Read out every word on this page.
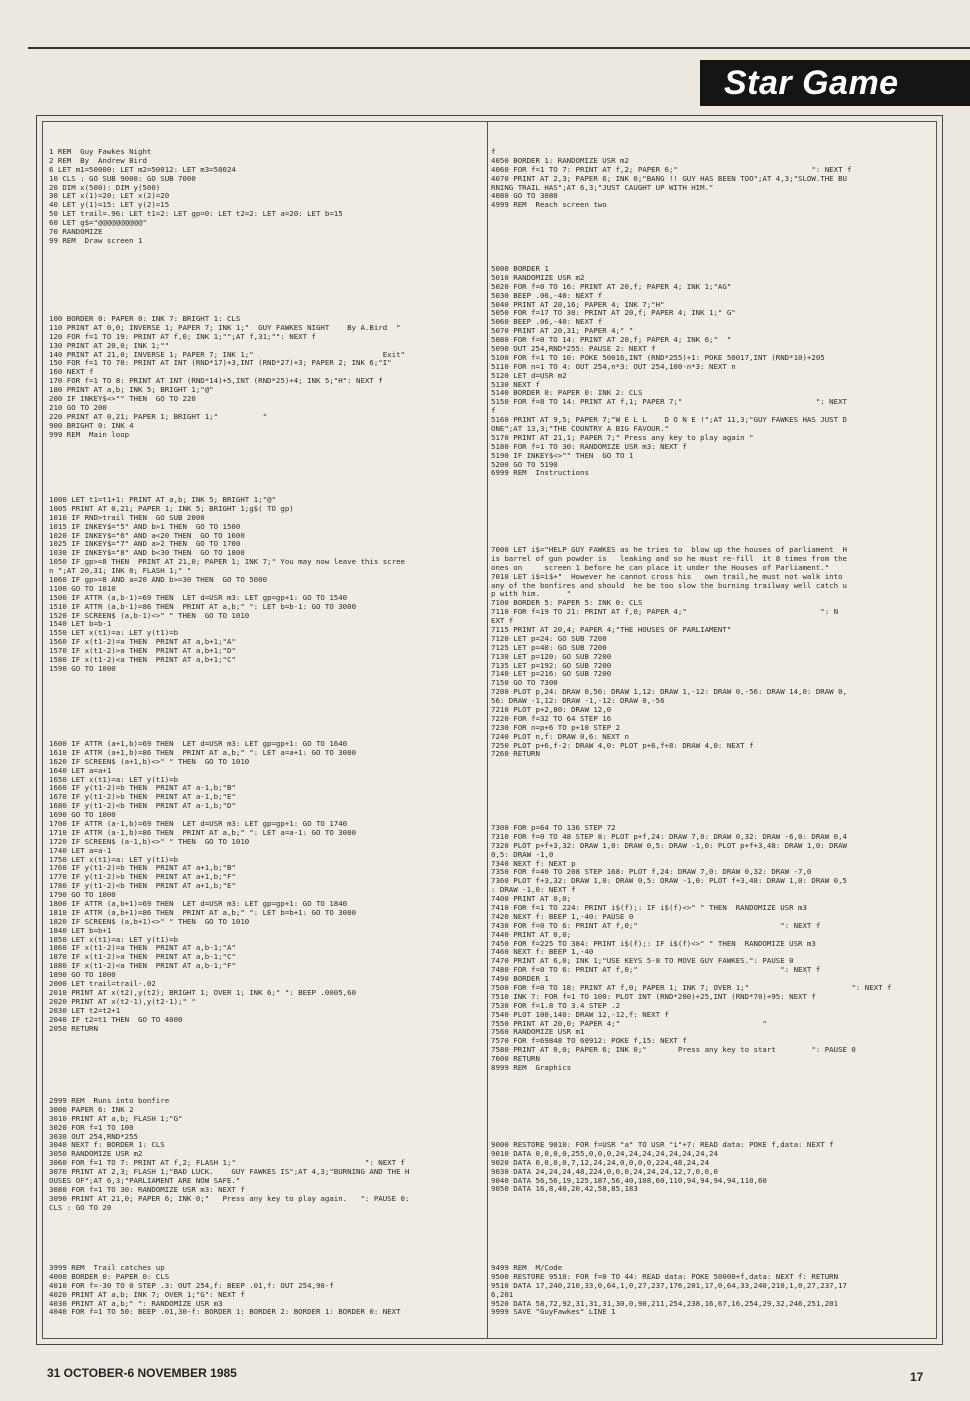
Star Game
1 REM  Guy Fawkes Night
2 REM  By  Andrew Bird
6 LET m1=50000: LET m2=50012: LET m3=50024
10 CLS : GO SUB 9000: GO SUB 7000
20 DIM x(500): DIM y(500)
30 LET x(1)=20: LET x(2)=20
40 LET y(1)=15: LET y(2)=15
50 LET trail=.96: LET t1=2: LET gp=0: LET t2=2: LET a=20: LET b=15
60 LET g$="@@@@@@@@@@"
70 RANDOMIZE
99 REM  Draw screen 1
100 BORDER 0: PAPER 0: INK 7: BRIGHT 1: CLS
110 PRINT AT 0,0; INVERSE 1; PAPER 7; INK 1;"  GUY FAWKES NIGHT    By A.Bird  "
120 FOR f=1 TO 19: PRINT AT f,0; INK 1;"";AT f,31;"": NEXT f
130 PRINT AT 20,0; INK 1;""
140 PRINT AT 21,0; INVERSE 1; PAPER 7; INK 1;"                             Exit"
150 FOR f=1 TO 70: PRINT AT INT (RND*17)+3,INT (RND*27)+3; PAPER 2; INK 6;"I"
160 NEXT f
170 FOR f=1 TO 8: PRINT AT INT (RND*14)+5,INT (RND*25)+4; INK 5;"H": NEXT f
180 PRINT AT a,b; INK 5; BRIGHT 1;"@"
200 IF INKEY$<>"" THEN  GO TO 220
210 GO TO 200
220 PRINT AT 0,21; PAPER 1; BRIGHT 1;"          "
900 BRIGHT 0: INK 4
999 REM  Main loop
1000 LET t1=t1+1: PRINT AT a,b; INK 5; BRIGHT 1;"@"
1005 PRINT AT 0,21; PAPER 1; INK 5; BRIGHT 1;g$( TO gp)
1010 IF RND>trail THEN  GO SUB 2000
1015 IF INKEY$="5" AND b>1 THEN  GO TO 1500
1020 IF INKEY$="6" AND a<20 THEN  GO TO 1600
1025 IF INKEY$="7" AND a>2 THEN  GO TO 1700
1030 IF INKEY$="8" AND b<30 THEN  GO TO 1800
1050 IF gp>=8 THEN  PRINT AT 21,0; PAPER 1; INK 7;" You may now leave this scree
n ";AT 20,31; INK 0; FLASH 1;" "
1060 IF gp>=8 AND a=20 AND b>=30 THEN  GO TO 5000
1100 GO TO 1010
1500 IF ATTR (a,b-1)=69 THEN  LET d=USR m3: LET gp=gp+1: GO TO 1540
1510 IF ATTR (a,b-1)=86 THEN  PRINT AT a,b;" ": LET b=b-1: GO TO 3000
1520 IF SCREEN$ (a,b-1)<>" " THEN  GO TO 1010
1540 LET b=b-1
1550 LET x(t1)=a: LET y(t1)=b
1560 IF x(t1-2)=a THEN  PRINT AT a,b+1;"A"
1570 IF x(t1-2)>a THEN  PRINT AT a,b+1;"D"
1580 IF x(t1-2)<a THEN  PRINT AT a,b+1;"C"
1590 GO TO 1000
1600 IF ATTR (a+1,b)=69 THEN  LET d=USR m3: LET gp=gp+1: GO TO 1640
1610 IF ATTR (a+1,b)=86 THEN  PRINT AT a,b;" ": LET a=a+1: GO TO 3000
1620 IF SCREEN$ (a+1,b)<>" " THEN  GO TO 1010
1640 LET a=a+1
1650 LET x(t1)=a: LET y(t1)=b
1660 IF y(t1-2)=b THEN  PRINT AT a-1,b;"B"
1670 IF y(t1-2)>b THEN  PRINT AT a-1,b;"E"
1680 IF y(t1-2)<b THEN  PRINT AT a-1,b;"D"
1690 GO TO 1000
1700 IF ATTR (a-1,b)=69 THEN  LET d=USR m3: LET gp=gp+1: GO TO 1740
1710 IF ATTR (a-1,b)=86 THEN  PRINT AT a,b;" ": LET a=a-1: GO TO 3000
1720 IF SCREEN$ (a-1,b)<>" " THEN  GO TO 1010
1740 LET a=a-1
1750 LET x(t1)=a: LET y(t1)=b
1760 IF y(t1-2)=b THEN  PRINT AT a+1,b;"B"
1770 IF y(t1-2)>b THEN  PRINT AT a+1,b;"F"
1780 IF y(t1-2)<b THEN  PRINT AT a+1,b;"E"
1790 GO TO 1000
1800 IF ATTR (a,b+1)=69 THEN  LET d=USR m3: LET gp=gp+1: GO TO 1840
1810 IF ATTR (a,b+1)=86 THEN  PRINT AT a,b;" ": LET b=b+1: GO TO 3000
1820 IF SCREEN$ (a,b+1)<>" " THEN  GO TO 1010
1840 LET b=b+1
1850 LET x(t1)=a: LET y(t1)=b
1860 IF x(t1-2)=a THEN  PRINT AT a,b-1;"A"
1870 IF x(t1-2)>a THEN  PRINT AT a,b-1;"C"
1880 IF x(t1-2)<a THEN  PRINT AT a,b-1;"F"
1890 GO TO 1000
2000 LET trail=trail-.02
2010 PRINT AT x(t2),y(t2); BRIGHT 1; OVER 1; INK 6;" ": BEEP .0005,60
2020 PRINT AT x(t2-1),y(t2-1);" "
2030 LET t2=t2+1
2040 IF t2=t1 THEN  GO TO 4000
2050 RETURN
2999 REM  Runs into bonfire
3000 PAPER 6: INK 2
3010 PRINT AT a,b; FLASH 1;"G"
3020 FOR f=1 TO 100
3030 OUT 254,RND*255
3040 NEXT f: BORDER 1: CLS
3050 RANDOMIZE USR m2
3060 FOR f=1 TO 7: PRINT AT f,2; FLASH 1;"                             ": NEXT f
3070 PRINT AT 2,3; FLASH 1;"BAD LUCK.    GUY FAWKES IS";AT 4,3;"BURNING AND THE H
OUSES OF";AT 6,3;"PARLIAMENT ARE NOW SAFE."
3080 FOR f=1 TO 30: RANDOMIZE USR m3: NEXT f
3090 PRINT AT 21,0; PAPER 6; INK 0;"   Press any key to play again.   ": PAUSE 0:
CLS : GO TO 20
3999 REM  Trail catches up
4000 BORDER 0: PAPER 0: CLS
4010 FOR f=-30 TO 0 STEP .3: OUT 254,f: BEEP .01,f: OUT 254,90-f
4020 PRINT AT a,b; INK 7; OVER 1;"G": NEXT f
4030 PRINT AT a,b;" ": RANDOMIZE USR m3
4040 FOR f=1 TO 50: BEEP .01,30-f: BORDER 1: BORDER 2: BORDER 1: BORDER 0: NEXT
f
4050 BORDER 1: RANDOMIZE USR m2
4060 FOR f=1 TO 7: PRINT AT f,2; PAPER 6;"                              ": NEXT f
4070 PRINT AT 2,3; PAPER 6; INK 0;"BANG !! GUY HAS BEEN TOO";AT 4,3;"SLOW.THE BU
RNING TRAIL HAS";AT 6,3;"JUST CAUGHT UP WITH HIM."
4080 GO TO 3080
4999 REM  Reach screen two
5000 BORDER 1
5010 RANDOMIZE USR m2
5020 FOR f=0 TO 16: PRINT AT 20,f; PAPER 4; INK 1;"AG"
5030 BEEP .06,-40: NEXT f
5040 PRINT AT 20,16; PAPER 4; INK 7;"H"
5050 FOR f=17 TO 30: PRINT AT 20,f; PAPER 4; INK 1;" G"
5060 BEEP .06,-40: NEXT f
5070 PRINT AT 20,31; PAPER 4;" "
5080 FOR f=0 TO 14: PRINT AT 20,f; PAPER 4; INK 6;"  "
5090 OUT 254,RND*255: PAUSE 2: NEXT f
5100 FOR f=1 TO 10: POKE 50016,INT (RND*255)+1: POKE 50017,INT (RND*10)+205
5110 FOR n=1 TO 4: OUT 254,n*3: OUT 254,100-n*3: NEXT n
5120 LET d=USR m2
5130 NEXT f
5140 BORDER 0: PAPER 0: INK 2: CLS
5150 FOR f=8 TO 14: PRINT AT f,1; PAPER 7;"                              ": NEXT
f
5160 PRINT AT 9,5; PAPER 7;"W E L L    D O N E !";AT 11,3;"GUY FAWKES HAS JUST D
ONE";AT 13,3;"THE COUNTRY A BIG FAVOUR."
5170 PRINT AT 21,1; PAPER 7;" Press any key to play again "
5180 FOR f=1 TO 30: RANDOMIZE USR m3: NEXT f
5190 IF INKEY$<>"" THEN  GO TO 1
5200 GO TO 5190
6999 REM  Instructions
7000 LET i$="HELP GUY FAWKES as he tries to  blow up the houses of parliament  H
is barrel of gun powder is   leaking and so he must re-fill  it 8 times from the
ones on     screen 1 before he can place it under the Houses of Parliament."
7010 LET i$=i$+"  However he cannot cross his   own trail,he must not walk into
any of the bonfires and should  he be too slow the burning trailway well catch u
p with him.      "
7100 BORDER 5: PAPER 5: INK 0: CLS
7110 FOR f=19 TO 21: PRINT AT f,0; PAPER 4;"                              ": N
EXT f
7115 PRINT AT 20,4; PAPER 4;"THE HOUSES OF PARLIAMENT"
7120 LET p=24: GO SUB 7200
7125 LET p=40: GO SUB 7200
7130 LET p=120: GO SUB 7200
7135 LET p=192: GO SUB 7200
7140 LET p=216: GO SUB 7200
7150 GO TO 7300
7200 PLOT p,24: DRAW 0,56: DRAW 1,12: DRAW 1,-12: DRAW 0,-56: DRAW 14,0: DRAW 0,
56: DRAW -1,12: DRAW -1,-12: DRAW 0,-56
7210 PLOT p+2,80: DRAW 12,0
7220 FOR f=32 TO 64 STEP 16
7230 FOR n=p+6 TO p+10 STEP 2
7240 PLOT n,f: DRAW 0,6: NEXT n
7250 PLOT p+6,f-2: DRAW 4,0: PLOT p+6,f+8: DRAW 4,0: NEXT f
7260 RETURN
7300 FOR p=64 TO 136 STEP 72
7310 FOR f=0 TO 48 STEP 8: PLOT p+f,24: DRAW 7,0: DRAW 0,32: DRAW -6,0: DRAW 0,4
7320 PLOT p+f+3,32: DRAW 1,0: DRAW 0,5: DRAW -1,0: PLOT p+f+3,48: DRAW 1,0: DRAW
0,5: DRAW -1,0
7340 NEXT f: NEXT p
7350 FOR f=40 TO 208 STEP 168: PLOT f,24: DRAW 7,0: DRAW 0,32: DRAW -7,0
7360 PLOT f+3,32: DRAW 1,0: DRAW 0,5: DRAW -1,0: PLOT f+3,48: DRAW 1,0: DRAW 0,5
: DRAW -1,0: NEXT f
7400 PRINT AT 0,0;
7410 FOR f=1 TO 224: PRINT i$(f);: IF i$(f)<>" " THEN  RANDOMIZE USR m3
7420 NEXT f: BEEP 1,-40: PAUSE 0
7430 FOR f=0 TO 6: PRINT AT f,0;"                                ": NEXT f
7440 PRINT AT 0,0;
7450 FOR f=225 TO 384: PRINT i$(f);: IF i$(f)<>" " THEN  RANDOMIZE USR m3
7460 NEXT f: BEEP 1,-40
7470 PRINT AT 6,0; INK 1;"USE KEYS 5-8 TO MOVE GUY FAWKES.": PAUSE 0
7480 FOR f=0 TO 6: PRINT AT f,0;"                                ": NEXT f
7490 BORDER 1
7500 FOR f=0 TO 18: PRINT AT f,0; PAPER 1; INK 7; OVER 1;"                       ": NEXT f
7510 INK 7: FOR f=1 TO 100: PLOT INT (RND*200)+25,INT (RND*70)+95: NEXT f
7530 FOR f=1.8 TO 3.4 STEP .2
7540 PLOT 100,140: DRAW 12,-12,f: NEXT f
7550 PRINT AT 20,0; PAPER 4;"                                "
7560 RANDOMIZE USR m1
7570 FOR f=69848 TO 60912: POKE f,15: NEXT f
7580 PRINT AT 0,0; PAPER 6; INK 0;"       Press any key to start        ": PAUSE 0
7600 RETURN
8999 REM  Graphics
9000 RESTORE 9010: FOR f=USR "a" TO USR "i"+7: READ data: POKE f,data: NEXT f
9010 DATA 0,0,0,0,255,0,0,0,24,24,24,24,24,24,24,24
9020 DATA 0,0,0,0,7,12,24,24,0,0,0,0,224,48,24,24
9030 DATA 24,24,24,48,224,0,0,0,24,24,24,12,7,0,0,0
9040 DATA 56,56,19,125,187,56,40,108,60,110,94,94,94,94,110,60
9050 DATA 16,8,40,20,42,58,85,183
9499 REM  M/Code
9500 RESTORE 9510: FOR f=0 TO 44: READ data: POKE 50000+f,data: NEXT f: RETURN
9510 DATA 17,240,210,33,0,64,1,0,27,237,176,201,17,0,64,33,240,210,1,0,27,237,17
6,201
9520 DATA 58,72,92,31,31,31,30,0,90,211,254,238,16,67,16,254,29,32,246,251,201
9999 SAVE "GuyFawkes" LINE 1
31 OCTOBER-6 NOVEMBER 1985	17
